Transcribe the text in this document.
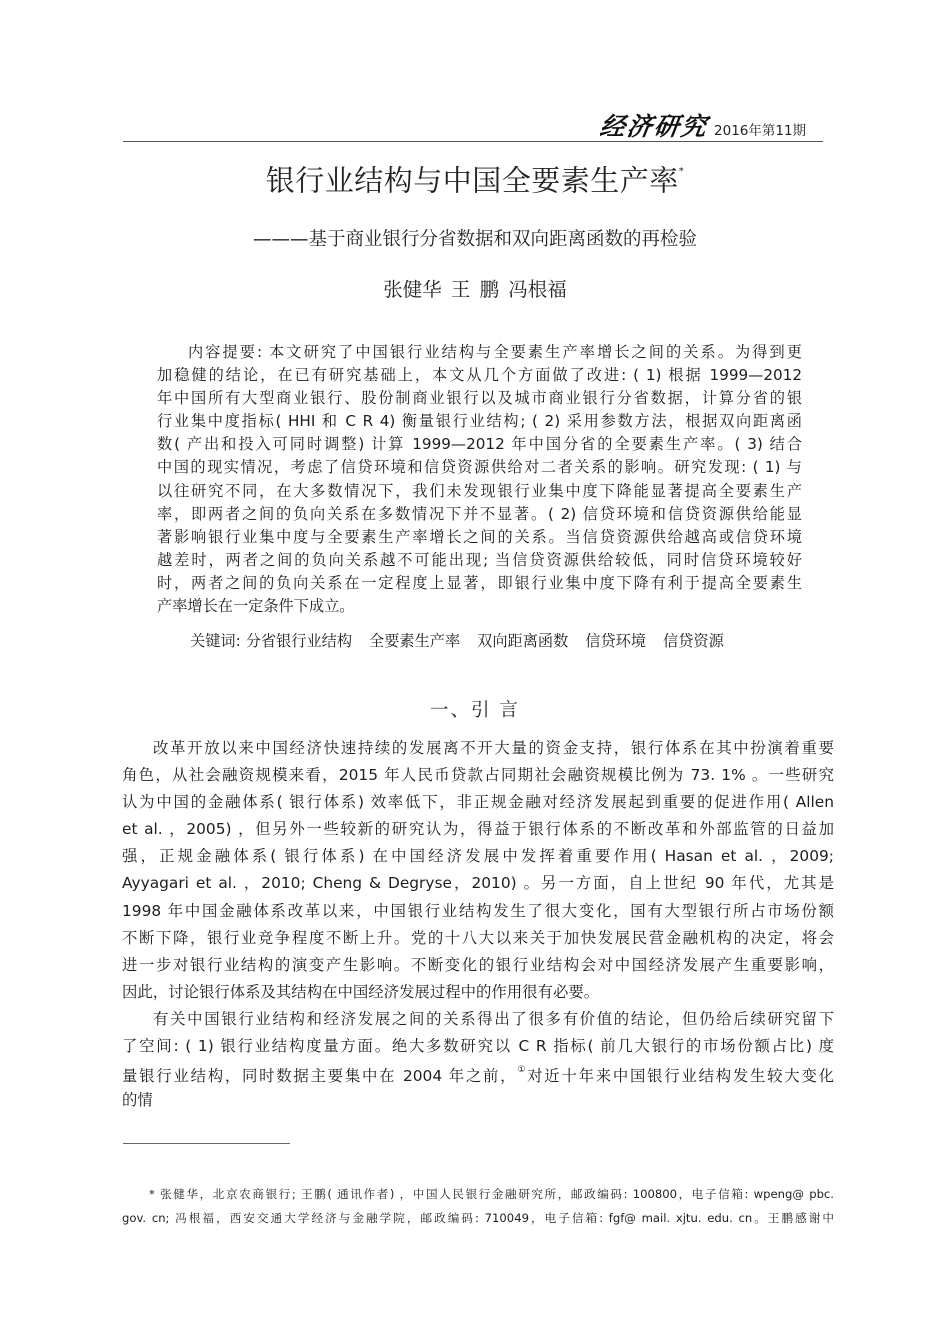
经济研究 2016年第11期
银行业结构与中国全要素生产率*
———基于商业银行分省数据和双向距离函数的再检验
张健华 王 鹏 冯根福
内容提要: 本文研究了中国银行业结构与全要素生产率增长之间的关系。为得到更
加稳健的结论，在已有研究基础上，本文从几个方面做了改进: ( 1) 根据 1999—2012
年中国所有大型商业银行、股份制商业银行以及城市商业银行分省数据，计算分省的银
行业集中度指标( HHI 和 C R 4) 衡量银行业结构; ( 2) 采用参数方法，根据双向距离函
数( 产出和投入可同时调整) 计算 1999—2012 年中国分省的全要素生产率。( 3) 结合
中国的现实情况，考虑了信贷环境和信贷资源供给对二者关系的影响。研究发现: ( 1) 与
以往研究不同，在大多数情况下，我们未发现银行业集中度下降能显著提高全要素生产
率，即两者之间的负向关系在多数情况下并不显著。( 2) 信贷环境和信贷资源供给能显
著影响银行业集中度与全要素生产率增长之间的关系。当信贷资源供给越高或信贷环境
越差时，两者之间的负向关系越不可能出现; 当信贷资源供给较低，同时信贷环境较好
时，两者之间的负向关系在一定程度上显著，即银行业集中度下降有利于提高全要素生
产率增长在一定条件下成立。
关键词: 分省银行业结构 全要素生产率 双向距离函数 信贷环境 信贷资源
一、引 言
改革开放以来中国经济快速持续的发展离不开大量的资金支持，银行体系在其中扮演着重要
角色，从社会融资规模来看，2015 年人民币贷款占同期社会融资规模比例为 73. 1% 。一些研究
认为中国的金融体系( 银行体系) 效率低下，非正规金融对经济发展起到重要的促进作用( Allen
et al. ，2005) ，但另外一些较新的研究认为，得益于银行体系的不断改革和外部监管的日益加
强，正规金融体系( 银行体系) 在中国经济发展中发挥着重要作用( Hasan et al. ，2009;
Ayyagari et al. ，2010; Cheng & Degryse，2010) 。另一方面，自上世纪 90 年代，尤其是
1998 年中国金融体系改革以来，中国银行业结构发生了很大变化，国有大型银行所占市场份额
不断下降，银行业竞争程度不断上升。党的十八大以来关于加快发展民营金融机构的决定，将会
进一步对银行业结构的演变产生影响。不断变化的银行业结构会对中国经济发展产生重要影响，
因此，讨论银行体系及其结构在中国经济发展过程中的作用很有必要。
有关中国银行业结构和经济发展之间的关系得出了很多有价值的结论，但仍给后续研究留下
了空间: ( 1) 银行业结构度量方面。绝大多数研究以 C R 指标( 前几大银行的市场份额占比) 度
量银行业结构，同时数据主要集中在 2004 年之前，①对近十年来中国银行业结构发生较大变化
的情
* 张健华，北京农商银行; 王鹏( 通讯作者) ，中国人民银行金融研究所，邮政编码: 100800，电子信箱: wpeng@ pbc.
gov. cn; 冯根福，西安交通大学经济与金融学院，邮政编码: 710049，电子信箱: fgf@ mail. xjtu. edu. cn。王鹏感谢中
